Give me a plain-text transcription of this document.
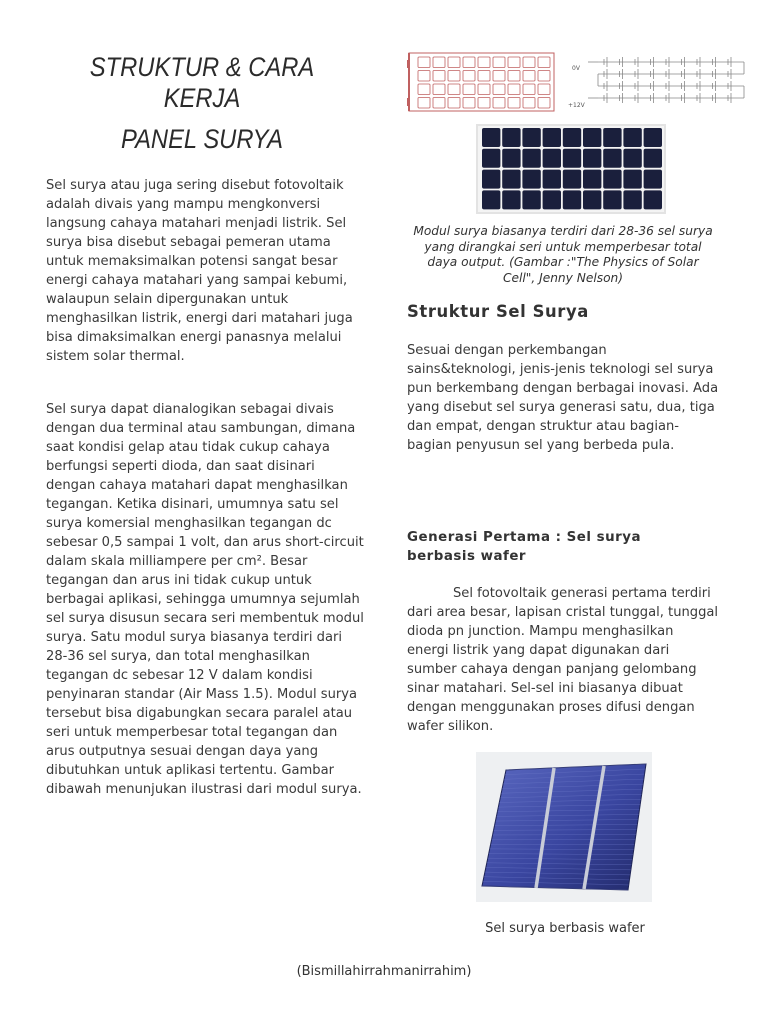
STRUKTUR & CARA KERJA
PANEL SURYA

Sel surya atau juga sering disebut fotovoltaik adalah divais yang mampu mengkonversi langsung cahaya matahari menjadi listrik. Sel surya bisa disebut sebagai pemeran utama untuk memaksimalkan potensi sangat besar energi cahaya matahari yang sampai kebumi, walaupun selain dipergunakan untuk menghasilkan listrik, energi dari matahari juga bisa dimaksimalkan energi panasnya melalui sistem solar thermal.

Sel surya dapat dianalogikan sebagai divais dengan dua terminal atau sambungan, dimana saat kondisi gelap atau tidak cukup cahaya berfungsi seperti dioda, dan saat disinari dengan cahaya matahari dapat menghasilkan tegangan. Ketika disinari, umumnya satu sel surya komersial menghasilkan tegangan dc sebesar 0,5 sampai 1 volt, dan arus short-circuit dalam skala milliampere per cm². Besar tegangan dan arus ini tidak cukup untuk berbagai aplikasi, sehingga umumnya sejumlah sel surya disusun secara seri membentuk modul surya. Satu modul surya biasanya terdiri dari 28-36 sel surya, dan total menghasilkan tegangan dc sebesar 12 V dalam kondisi penyinaran standar (Air Mass 1.5). Modul surya tersebut bisa digabungkan secara paralel atau seri untuk memperbesar total tegangan dan arus outputnya sesuai dengan daya yang dibutuhkan untuk aplikasi tertentu. Gambar dibawah menunjukan ilustrasi dari modul surya.

0V
+12V

Modul surya biasanya terdiri dari 28-36 sel surya yang dirangkai seri untuk memperbesar total daya output. (Gambar :"The Physics of Solar Cell", Jenny Nelson)

Struktur Sel Surya

Sesuai dengan perkembangan sains&teknologi, jenis-jenis teknologi sel surya pun berkembang dengan berbagai inovasi. Ada yang disebut sel surya generasi satu, dua, tiga dan empat, dengan struktur atau bagian-bagian penyusun sel yang berbeda pula.

Generasi Pertama : Sel surya berbasis wafer

Sel fotovoltaik generasi pertama terdiri dari area besar, lapisan cristal tunggal, tunggal dioda pn junction. Mampu menghasilkan energi listrik yang dapat digunakan dari sumber cahaya dengan panjang gelombang sinar matahari. Sel-sel ini biasanya dibuat dengan menggunakan proses difusi dengan wafer silikon.

Sel surya berbasis wafer
(Bismillahirrahmanirrahim)
